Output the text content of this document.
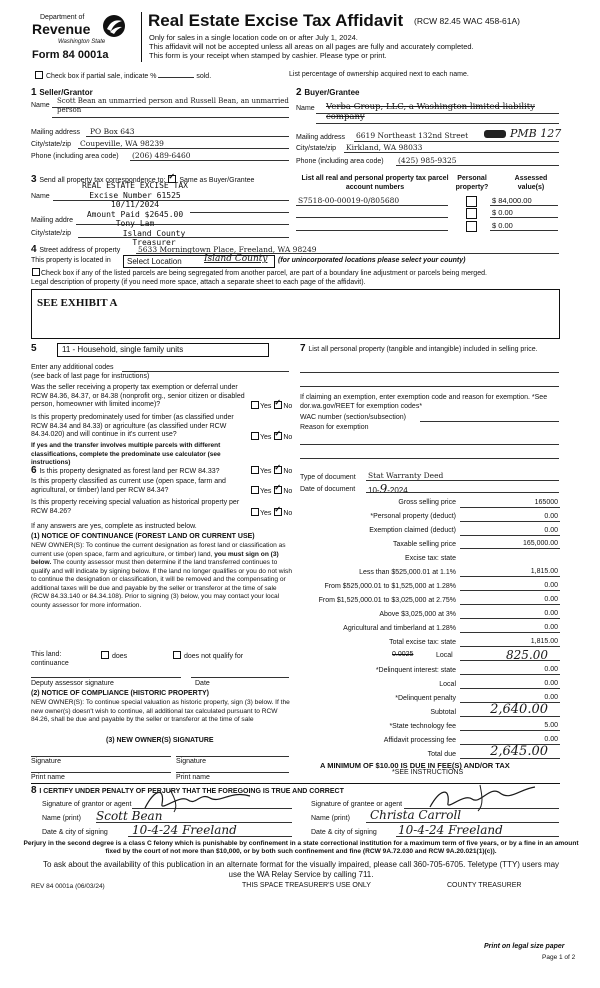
Department of
Revenue
Washington State
Form 84 0001a
Real Estate Excise Tax Affidavit (RCW 82.45 WAC 458-61A)
Only for sales in a single location code on or after July 1, 2024.
This affidavit will not be accepted unless all areas on all pages are fully and accurately completed.
This form is your receipt when stamped by cashier. Please type or print.
Check box if partial sale, indicate %	sold.	List percentage of ownership acquired next to each name.
1 Seller/Grantor
Name
Scott Bean an unmarried person and Russell Bean, an unmarried person
Mailing address PO Box 643
City/state/zip Coupeville, WA 98239
Phone (including area code) (206) 489-6460
2 Buyer/Grantee
Name Verba Group, LLC, a Washington limited liability company
Mailing address 6619 Northeast 132nd Street	PMB 127
City/state/zip Kirkland, WA 98033
Phone (including area code) (425) 985-9325
3 Send all property tax correspondence to: ✓ Same as Buyer/Grantee
Name
Mailing addre
City/state/zip
REAL ESTATE EXCISE TAX
Excise Number 61525
10/11/2024
Amount Paid $2645.00
Tony Lam
Island County Treasurer
List all real and personal property tax parcel account numbers
Personal property?
Assessed value(s)
S7518-00-00019-0/805680	$ 84,000.00
$ 0.00
$ 0.00
4 Street address of property 5633 Morningtown Place, Freeland, WA 98249
This property is located in Select Location Island County (for unincorporated locations please select your county)
Check box if any of the listed parcels are being segregated from another parcel, are part of a boundary line adjustment or parcels being merged.
Legal description of property (if you need more space, attach a separate sheet to each page of the affidavit).
SEE EXHIBIT A
5	11 - Household, single family units
Enter any additional codes
(see back of last page for instructions)
Was the seller receiving a property tax exemption or deferral under RCW 84.36, 84.37, or 84.38 (nonprofit org., senior citizen or disabled person, homeowner with limited income)?	Yes ✓ No
Is this property predominately used for timber (as classified under RCW 84.34 and 84.33) or agriculture (as classified under RCW 84.34.020) and will continue in it's current use?
If yes and the transfer involves multiple parcels with different classifications, complete the predominate use calculator (see instructions)
Yes ✓ No
6 Is this property designated as forest land per RCW 84.33?	Yes ✓ No
Is this property classified as current use (open space, farm and agricultural, or timber) land per RCW 84.34?	Yes ✓ No
Is this property receiving special valuation as historical property per RCW 84.26?	Yes ✓ No
If any answers are yes, complete as instructed below.
(1) NOTICE OF CONTINUANCE (FOREST LAND OR CURRENT USE)
NEW OWNER(S): To continue the current designation as forest land or classification as current use (open space, farm and agriculture, or timber) land, you must sign on (3) below. The county assessor must then determine if the land transferred continues to qualify and will indicate by signing below. If the land no longer qualifies or you do not wish to continue the designation or classification, it will be removed and the compensating or additional taxes will be due and payable by the seller or transferor at the time of sale (RCW 84.33.140 or 84.34.108). Prior to signing (3) below, you may contact your local county assessor for more information.
This land:	does	does not qualify for
continuance
Deputy assessor signature	Date
(2) NOTICE OF COMPLIANCE (HISTORIC PROPERTY)
NEW OWNER(S): To continue special valuation as historic property, sign (3) below. If the new owner(s) doesn't wish to continue, all additional tax calculated pursuant to RCW 84.26, shall be due and payable by the seller or transferor at the time of sale
(3) NEW OWNER(S) SIGNATURE
Signature	Signature
Print name	Print name
7 List all personal property (tangible and intangible) included in selling price.
If claiming an exemption, enter exemption code and reason for exemption. *See dor.wa.gov/REET for exemption codes*
WAC number (section/subsection)
Reason for exemption
Type of document Stat Warranty Deed
Date of document 10-9-2024
Gross selling price	165000
*Personal property (deduct)	0.00
Exemption claimed (deduct)	0.00
Taxable selling price	165,000.00
Excise tax: state
Less than $525,000.01 at 1.1%	1,815.00
From $525,000.01 to $1,525,000 at 1.28%	0.00
From $1,525,000.01 to $3,025,000 at 2.75%	0.00
Above $3,025,000 at 3%	0.00
Agricultural and timberland at 1.28%	0.00
Total excise tax: state	1,815.00
0.0025	Local	825.00
*Delinquent interest: state	0.00
Local	0.00
*Delinquent penalty	0.00
Subtotal	2,640.00
*State technology fee	5.00
Affidavit processing fee	0.00
Total due	2,645.00
A MINIMUM OF $10.00 IS DUE IN FEE(S) AND/OR TAX
*SEE INSTRUCTIONS
8 I CERTIFY UNDER PENALTY OF PERJURY THAT THE FOREGOING IS TRUE AND CORRECT
Signature of grantor or agent
Name (print) Scott Bean
Date & city of signing 10-4-24 Freeland
Signature of grantee or agent
Name (print) Christa Carroll
Date & city of signing 10-4-24 Freeland
Perjury in the second degree is a class C felony which is punishable by confinement in a state correctional institution for a maximum term of five years, or by a fine in an amount fixed by the court of not more than $10,000, or by both such confinement and fine (RCW 9A.72.030 and RCW 9A.20.021(1)(c)).
To ask about the availability of this publication in an alternate format for the visually impaired, please call 360-705-6705. Teletype (TTY) users may use the WA Relay Service by calling 711.
REV 84 0001a (06/03/24)	THIS SPACE TREASURER'S USE ONLY	COUNTY TREASURER
Print on legal size paper
Page 1 of 2
